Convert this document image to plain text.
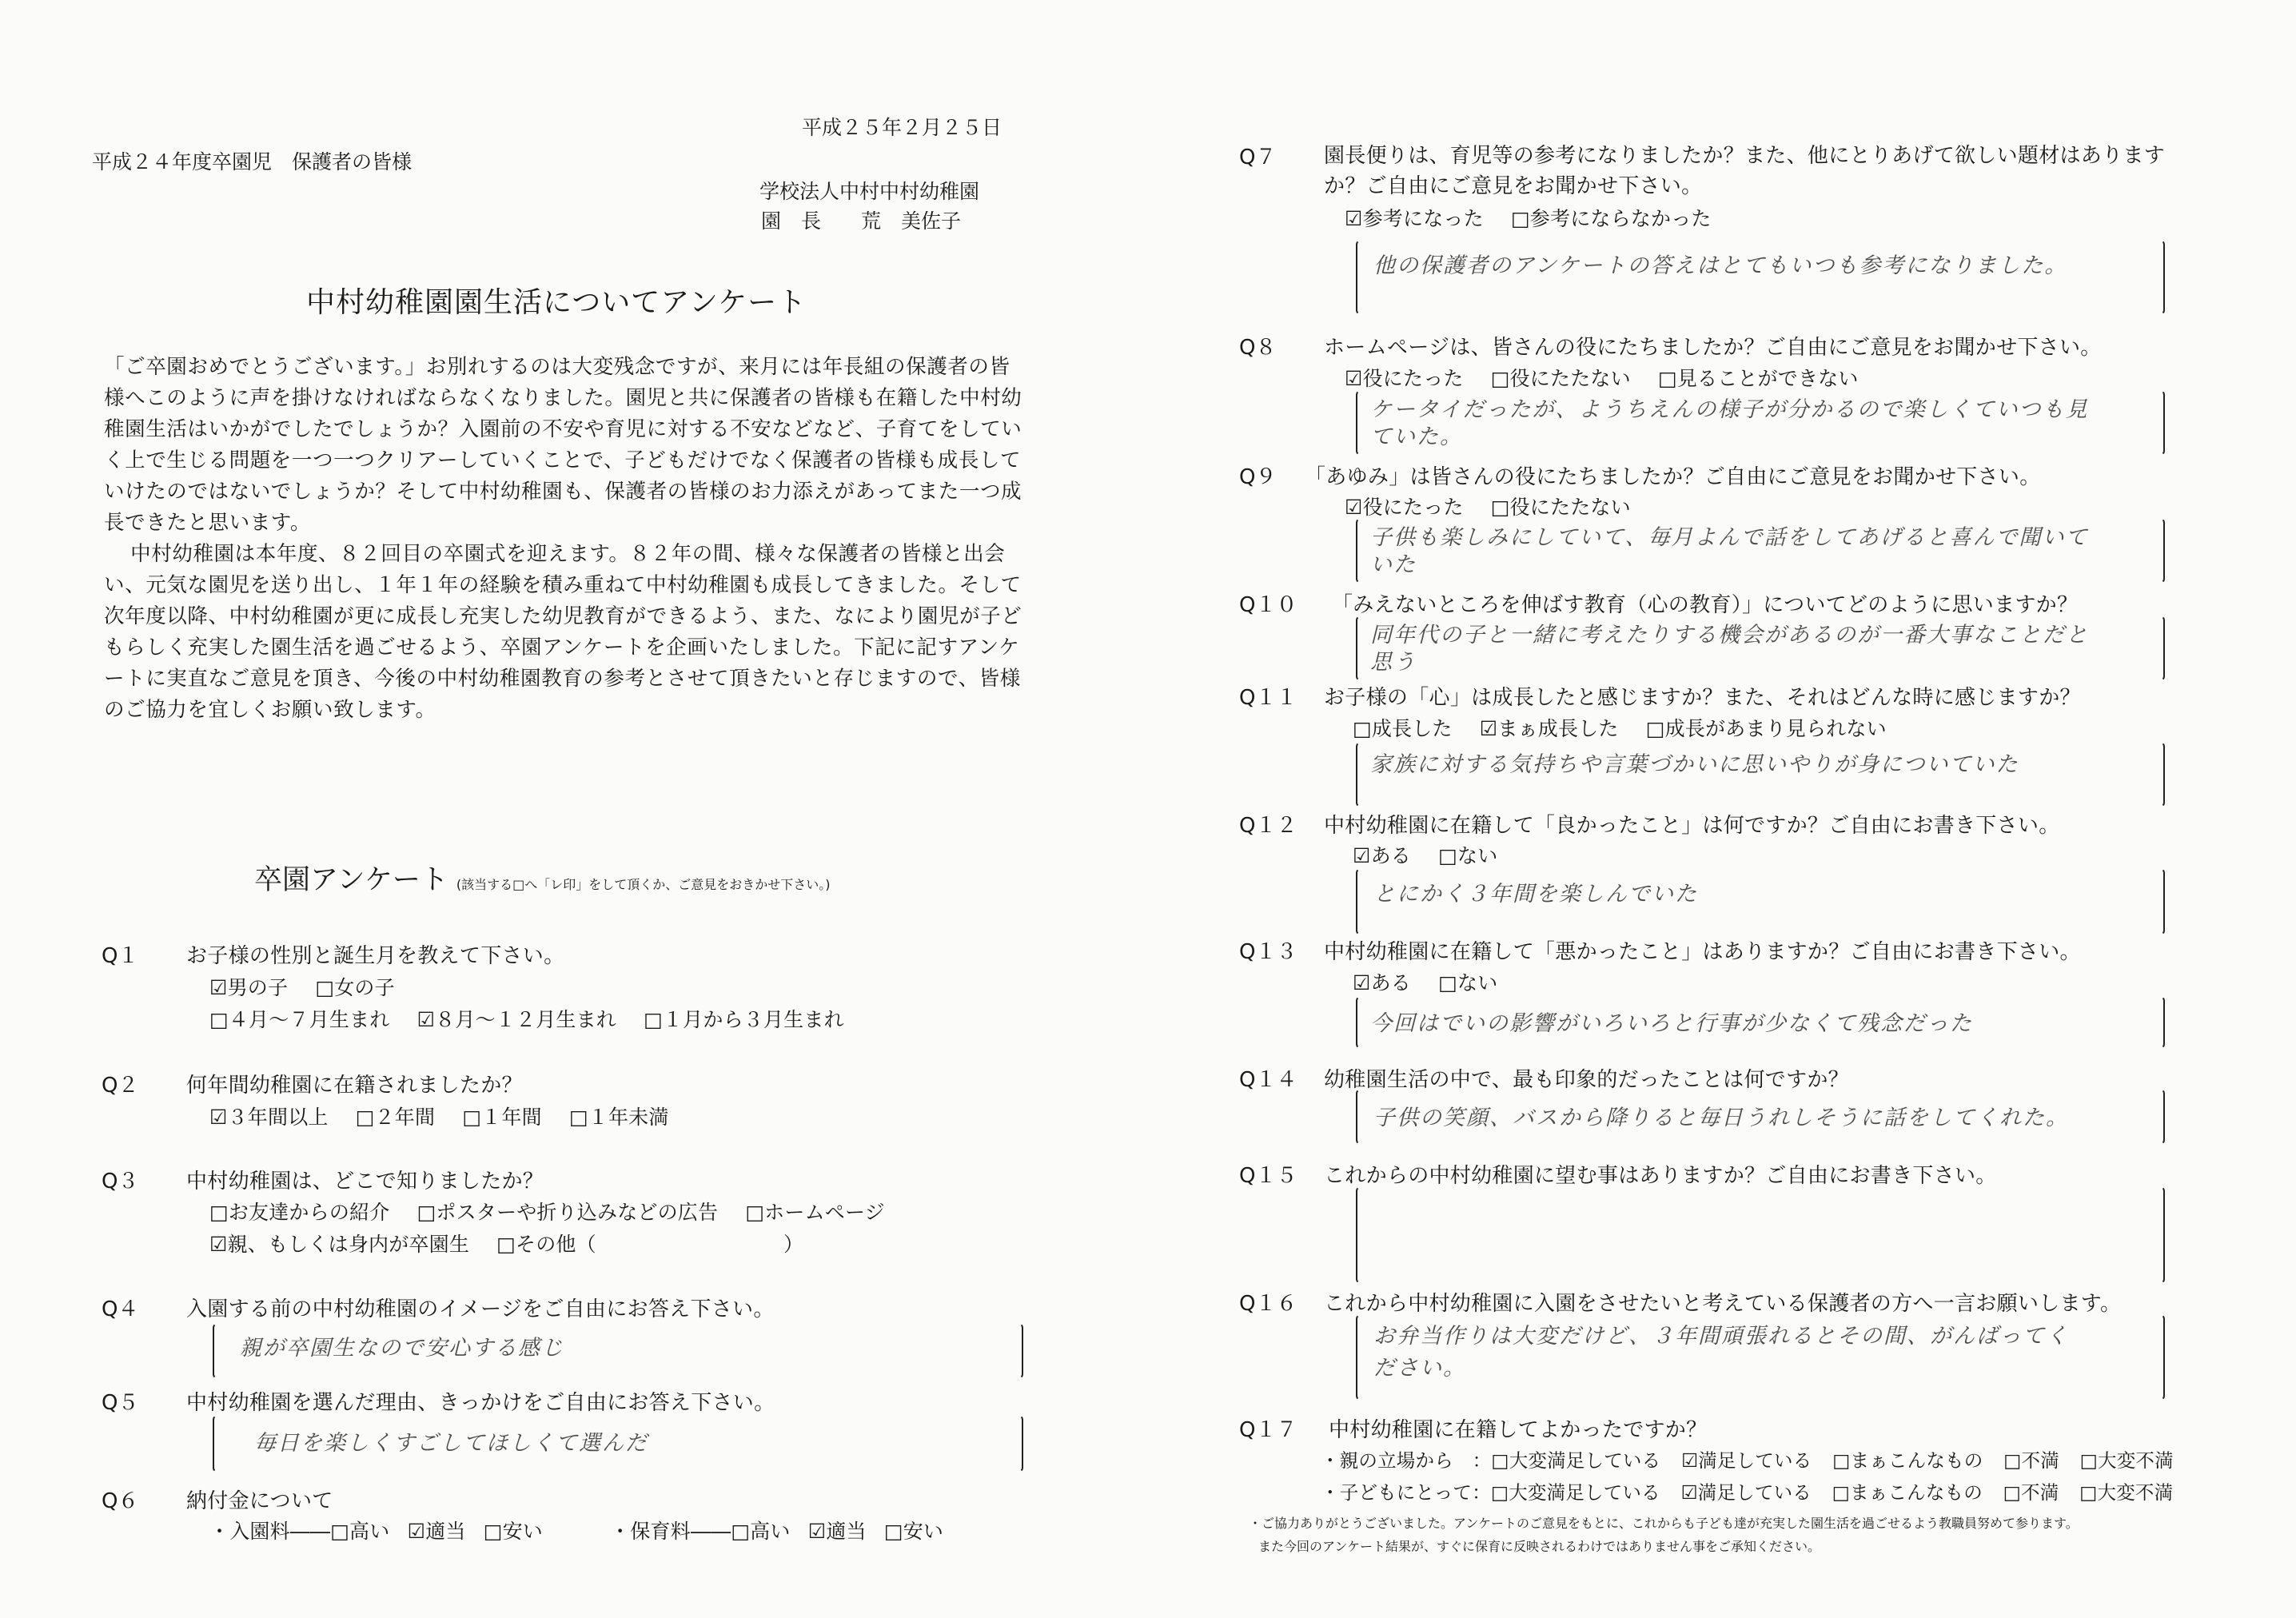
平成２５年２月２５日
平成２４年度卒園児　保護者の皆様
学校法人中村中村幼稚園
園　長　　荒　美佐子
中村幼稚園園生活についてアンケート

「ご卒園おめでとうございます。」お別れするのは大変残念ですが、来月には年長組の保護者の皆様へこのように声を掛けなければならなくなりました。園児と共に保護者の皆様も在籍した中村幼稚園生活はいかがでしたでしょうか？入園前の不安や育児に対する不安などなど、子育てをしていく上で生じる問題を一つ一つクリアーしていくことで、子どもだけでなく保護者の皆様も成長していけたのではないでしょうか？そして中村幼稚園も、保護者の皆様のお力添えがあってまた一つ成長できたと思います。

中村幼稚園は本年度、８２回目の卒園式を迎えます。８２年の間、様々な保護者の皆様と出会い、元気な園児を送り出し、１年１年の経験を積み重ねて中村幼稚園も成長してきました。そして次年度以降、中村幼稚園が更に成長し充実した幼児教育ができるよう、また、なにより園児が子どもらしく充実した園生活を過ごせるよう、卒園アンケートを企画いたしました。下記に記すアンケートに実直なご意見を頂き、今後の中村幼稚園教育の参考とさせて頂きたいと存じますので、皆様のご協力を宜しくお願い致します。

卒園アンケート (該当する□へ「レ印」をして頂くか、ご意見をおきかせ下さい。)
Q１ お子様の性別と誕生月を教えて下さい。
☑男の子 □女の子
□４月～７月生まれ ☑８月～１２月生まれ □１月から３月生まれ
Q２ 何年間幼稚園に在籍されましたか？
☑３年間以上 □２年間 □１年間 □１年未満
Q３ 中村幼稚園は、どこで知りましたか？
□お友達からの紹介 □ポスターや折り込みなどの広告 □ホームページ
☑親、もしくは身内が卒園生 □その他（	）
Q４ 入園する前の中村幼稚園のイメージをご自由にお答え下さい。
親が卒園生なので安心する感じ
Q５ 中村幼稚園を選んだ理由、きっかけをご自由にお答え下さい。
毎日を楽しくすごしてほしくて選んだ
Q６ 納付金について
・入園料――□高い ☑適当 □安い	・保育料――□高い ☑適当 □安い
Q７ 園長便りは、育児等の参考になりましたか？また、他にとりあげて欲しい題材はありますか？ご自由にご意見をお聞かせ下さい。
☑参考になった □参考にならなかった
他の保護者のアンケートの答えはとてもいつも参考になりました。
Q８ ホームページは、皆さんの役にたちましたか？ご自由にご意見をお聞かせ下さい。
☑役にたった □役にたたない □見ることができない
ケータイだったが、ようちえんの様子が分かるので楽しくていつも見ていた。
Q９ 「あゆみ」は皆さんの役にたちましたか？ご自由にご意見をお聞かせ下さい。
☑役にたった □役にたたない
子供も楽しみにしていて、毎月よんで話をしてあげると喜んで聞いていた
Q１０ 「みえないところを伸ばす教育（心の教育）」についてどのように思いますか？
同年代の子と一緒に考えたりする機会があるのが一番大事なことだと思う
Q１１ お子様の「心」は成長したと感じますか？また、それはどんな時に感じますか？
□成長した ☑まぁ成長した □成長があまり見られない
家族に対する気持ちや言葉づかいに思いやりが身についていた
Q１２ 中村幼稚園に在籍して「良かったこと」は何ですか？ご自由にお書き下さい。
☑ある □ない
とにかく３年間を楽しんでいた
Q１３ 中村幼稚園に在籍して「悪かったこと」はありますか？ご自由にお書き下さい。
☑ある □ない
今回はでいの影響がいろいろと行事が少なくて残念だった
Q１４ 幼稚園生活の中で、最も印象的だったことは何ですか？
子供の笑顔、バスから降りると毎日うれしそうに話をしてくれた。
Q１５ これからの中村幼稚園に望む事はありますか？ご自由にお書き下さい。
Q１６ これから中村幼稚園に入園をさせたいと考えている保護者の方へ一言お願いします。
お弁当作りは大変だけど、３年間頑張れるとその間、がんばってください。
Q１７ 中村幼稚園に在籍してよかったですか？
・親の立場から　：□大変満足している ☑満足している □まぁこんなもの □不満 □大変不満
・子どもにとって：□大変満足している ☑満足している □まぁこんなもの □不満 □大変不満
・ご協力ありがとうございました。アンケートのご意見をもとに、これからも子ども達が充実した園生活を過ごせるよう教職員努めて参ります。
また今回のアンケート結果が、すぐに保育に反映されるわけではありません事をご承知ください。
